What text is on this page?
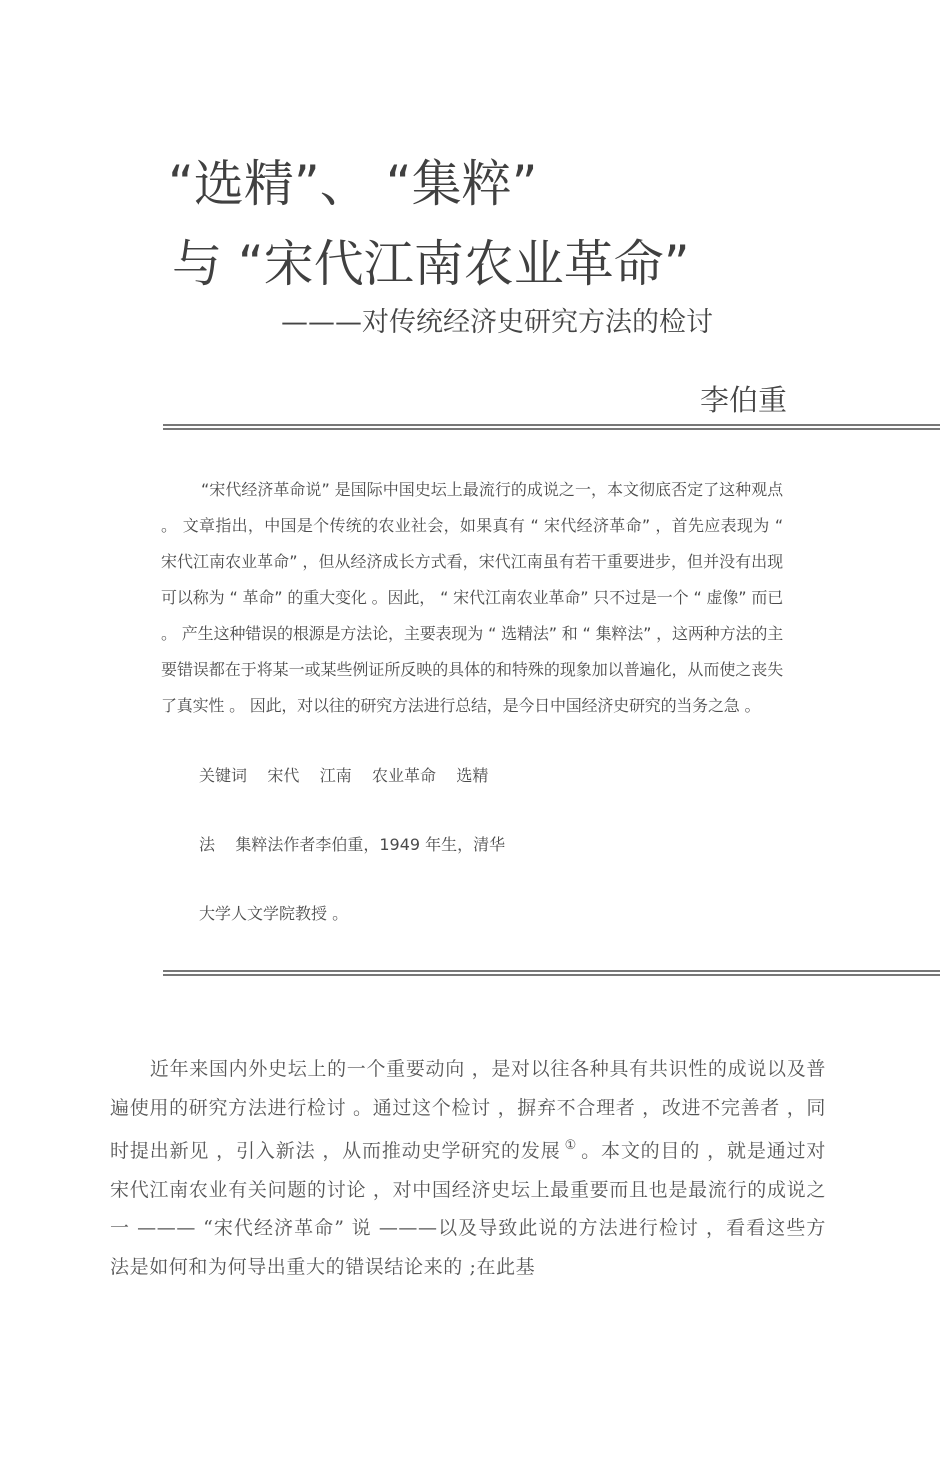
“选精”、 “集粹”
与 “宋代江南农业革命”
———对传统经济史研究方法的检讨
李伯重
“宋代经济革命说” 是国际中国史坛上最流行的成说之一，本文彻底否定了这种观点 。 文章指出，中国是个传统的农业社会，如果真有 “ 宋代经济革命” ，首先应表现为 “ 宋代江南农业革命” ，但从经济成长方式看，宋代江南虽有若干重要进步，但并没有出现可以称为 “ 革命” 的重大变化 。因此， “ 宋代江南农业革命” 只不过是一个 “ 虚像” 而已 。 产生这种错误的根源是方法论，主要表现为 “ 选精法” 和 “ 集粹法” ，这两种方法的主要错误都在于将某一或某些例证所反映的具体的和特殊的现象加以普遍化，从而使之丧失了真实性 。 因此，对以往的研究方法进行总结，是今日中国经济史研究的当务之急 。
关键词    宋代    江南    农业革命    选精
法    集粹法作者李伯重，1949 年生，清华
大学人文学院教授 。
近年来国内外史坛上的一个重要动向 ，是对以往各种具有共识性的成说以及普遍使用的研究方法进行检讨 。通过这个检讨 ，摒弃不合理者 ，改进不完善者 ，同时提出新见 ，引入新法 ，从而推动史学研究的发展 ① 。本文的目的 ，就是通过对宋代江南农业有关问题的讨论 ，对中国经济史坛上最重要而且也是最流行的成说之一 ——— “宋代经济革命” 说 ———以及导致此说的方法进行检讨 ，看看这些方法是如何和为何导出重大的错误结论来的 ;在此基
